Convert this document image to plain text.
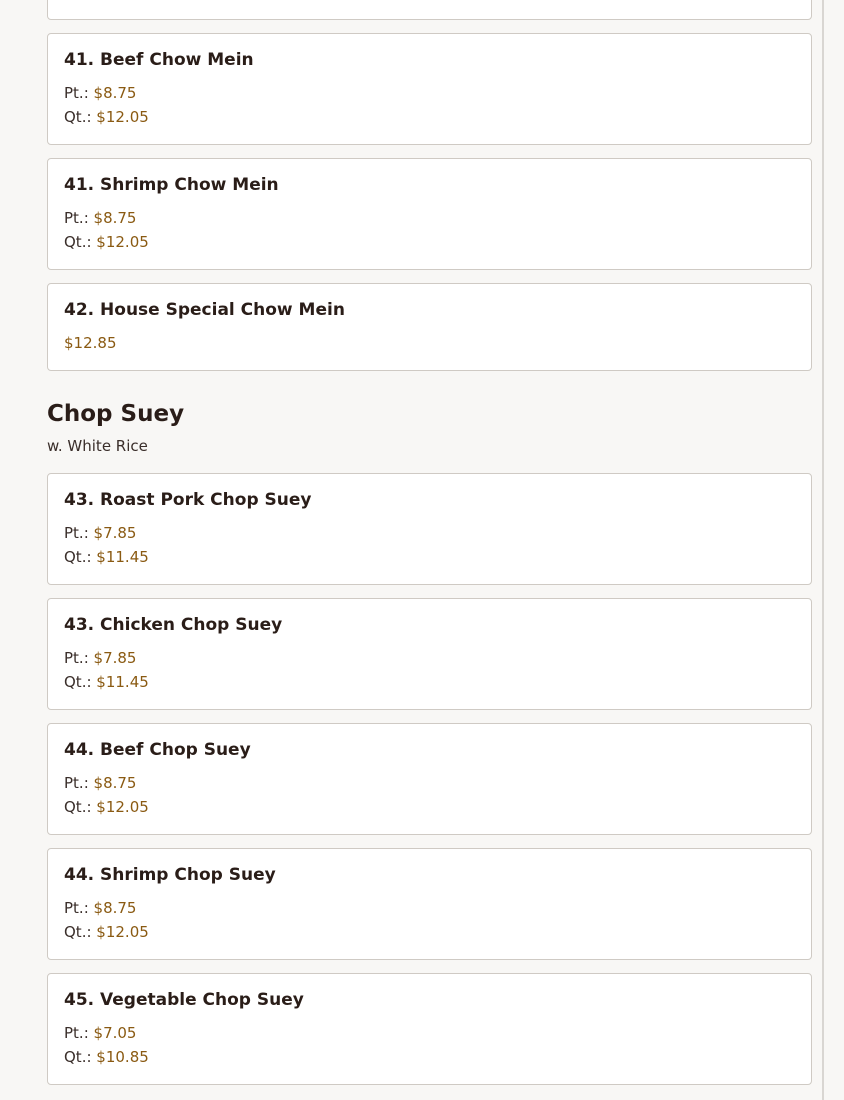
41. Beef Chow Mein
Pt.: $8.75
Qt.: $12.05
41. Shrimp Chow Mein
Pt.: $8.75
Qt.: $12.05
42. House Special Chow Mein
$12.85
Chop Suey
w. White Rice
43. Roast Pork Chop Suey
Pt.: $7.85
Qt.: $11.45
43. Chicken Chop Suey
Pt.: $7.85
Qt.: $11.45
44. Beef Chop Suey
Pt.: $8.75
Qt.: $12.05
44. Shrimp Chop Suey
Pt.: $8.75
Qt.: $12.05
45. Vegetable Chop Suey
Pt.: $7.05
Qt.: $10.85
